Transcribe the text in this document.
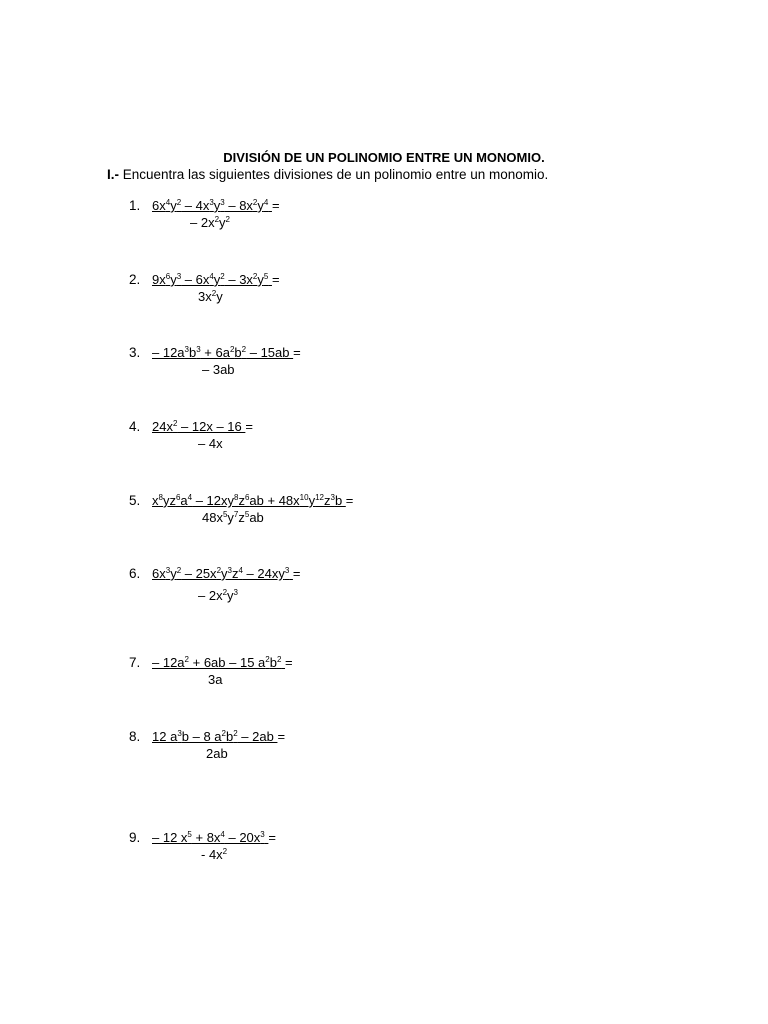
DIVISIÓN DE UN POLINOMIO ENTRE UN MONOMIO.
I.- Encuentra las siguientes divisiones de un polinomio entre un monomio.
1. $6x^4y^2 - 4x^3y^3 - 8x^2y^4$ =
– $2x^2y^2$
2. $9x^6y^3 - 6x^4y^2 - 3x^2y^5$ =
$3x^2y$
3. – $12a^3b^3 + 6a^2b^2 - 15ab$ =
– 3ab
4. $24x^2 - 12x - 16$ =
– 4x
5. $x^8yz^6a^4 - 12xy^8z^6ab + 48x^{10}y^{12}z^3b$ =
$48x^5y^7z^5ab$
6. $6x^3y^2 - 25x^2y^3z^4 - 24xy^3$ =
– $2x^2y^3$
7. – $12a^2 + 6ab - 15$ $a^2b^2$ =
3a
8. 12 $a^3b - 8$ $a^2b^2 - 2ab$ =
2ab
9. – 12 $x^5 + 8x^4 - 20x^3$ =
- $4x^2$
